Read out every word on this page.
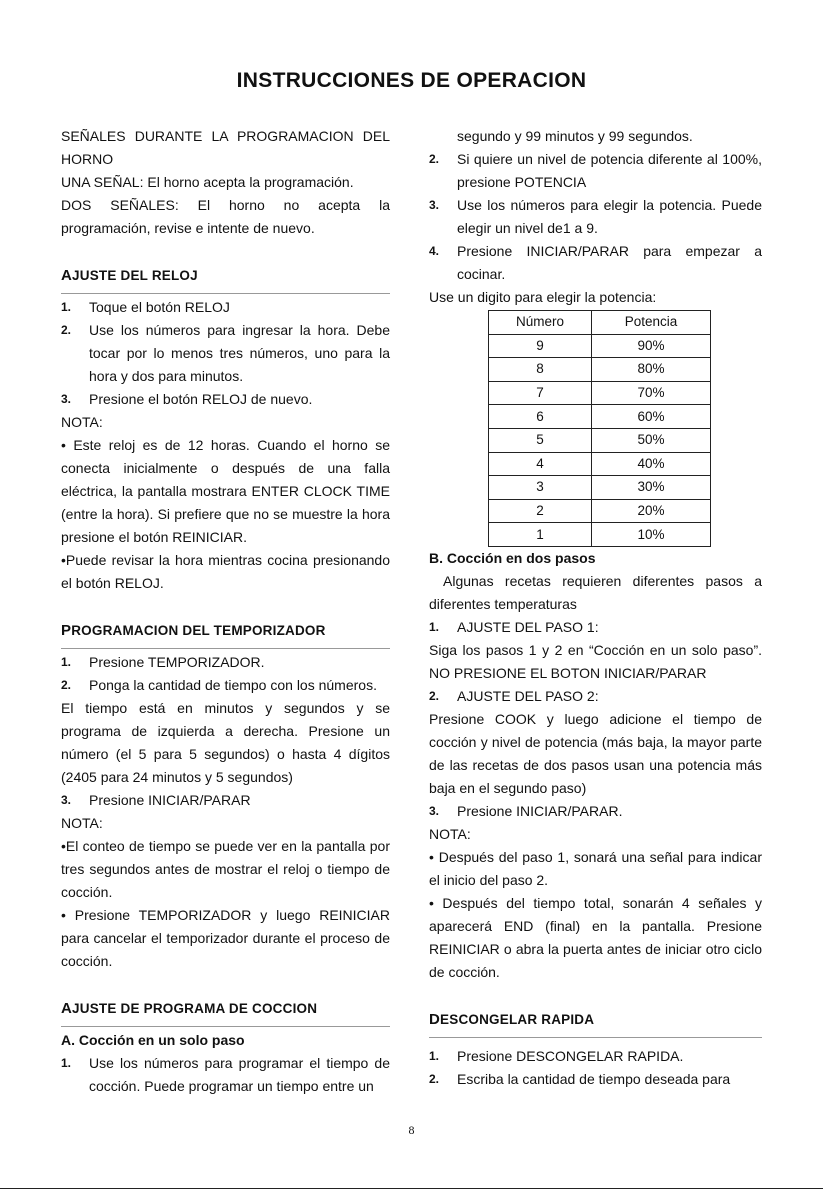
INSTRUCCIONES DE OPERACION
SEÑALES DURANTE LA PROGRAMACION DEL HORNO
UNA SEÑAL: El horno acepta la programación.
DOS SEÑALES: El horno no acepta la programación, revise e intente de nuevo.
AJUSTE DEL RELOJ
1.	Toque el botón RELOJ
2.	Use los números para ingresar la hora. Debe tocar por lo menos tres números, uno para la hora y dos para minutos.
3.	Presione el botón RELOJ de nuevo.
NOTA:
• Este reloj es de 12 horas. Cuando el horno se conecta inicialmente o después de una falla eléctrica, la pantalla mostrara ENTER CLOCK TIME (entre la hora). Si prefiere que no se muestre la hora presione el botón REINICIAR.
•Puede revisar la hora mientras cocina presionando el botón RELOJ.
PROGRAMACION DEL TEMPORIZADOR
1.	Presione TEMPORIZADOR.
2.	Ponga la cantidad de tiempo con los números.
El tiempo está en minutos y segundos y se programa de izquierda a derecha. Presione un número (el 5 para 5 segundos) o hasta 4 dígitos (2405 para 24 minutos y 5 segundos)
3.	Presione INICIAR/PARAR
NOTA:
•El conteo de tiempo se puede ver en la pantalla por tres segundos antes de mostrar el reloj o tiempo de cocción.
• Presione TEMPORIZADOR y luego REINICIAR para cancelar el temporizador durante el proceso de cocción.
AJUSTE DE PROGRAMA DE COCCION
A. Cocción en un solo paso
1.	Use los números para programar el tiempo de cocción. Puede programar un tiempo entre un
segundo y 99 minutos y 99 segundos.
2.	Si quiere un nivel de potencia diferente al 100%, presione POTENCIA
3.	Use los números para elegir la potencia. Puede elegir un nivel de1 a 9.
4.	Presione INICIAR/PARAR para empezar a cocinar.
Use un digito para elegir la potencia:
Número	Potencia
9	90%
8	80%
7	70%
6	60%
5	50%
4	40%
3	30%
2	20%
1	10%
B. Cocción en dos pasos
Algunas recetas requieren diferentes pasos a diferentes temperaturas
1.	AJUSTE DEL PASO 1:
Siga los pasos 1 y 2 en “Cocción en un solo paso”. NO PRESIONE EL BOTON INICIAR/PARAR
2.	AJUSTE DEL PASO 2:
Presione COOK y luego adicione el tiempo de cocción y nivel de potencia (más baja, la mayor parte de las recetas de dos pasos usan una potencia más baja en el segundo paso)
3.	Presione INICIAR/PARAR.
NOTA:
• Después del paso 1, sonará una señal para indicar el inicio del paso 2.
• Después del tiempo total, sonarán 4 señales y aparecerá END (final) en la pantalla. Presione REINICIAR o abra la puerta antes de iniciar otro ciclo de cocción.
DESCONGELAR RAPIDA
1.	Presione DESCONGELAR RAPIDA.
2.	Escriba la cantidad de tiempo deseada para
8
